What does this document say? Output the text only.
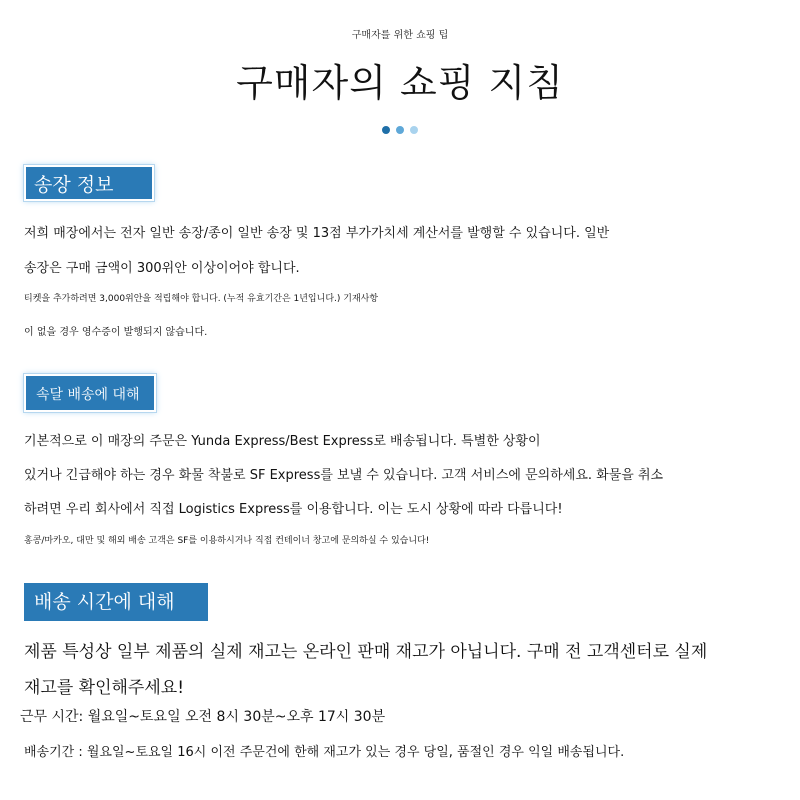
구매자를 위한 쇼핑 팁
구매자의 쇼핑 지침

송장 정보
저희 매장에서는 전자 일반 송장/종이 일반 송장 및 13점 부가가치세 계산서를 발행할 수 있습니다. 일반
송장은 구매 금액이 300위안 이상이어야 합니다.
티켓을 추가하려면 3,000위안을 적립해야 합니다. (누적 유효기간은 1년입니다.) 기재사항
이 없을 경우 영수증이 발행되지 않습니다.
속달 배송에 대해
기본적으로 이 매장의 주문은 Yunda Express/Best Express로 배송됩니다. 특별한 상황이
있거나 긴급해야 하는 경우 화물 착불로 SF Express를 보낼 수 있습니다. 고객 서비스에 문의하세요. 화물을 취소
하려면 우리 회사에서 직접 Logistics Express를 이용합니다. 이는 도시 상황에 따라 다릅니다!
홍콩/마카오, 대만 및 해외 배송 고객은 SF를 이용하시거나 직접 컨테이너 창고에 문의하실 수 있습니다!
배송 시간에 대해
제품 특성상 일부 제품의 실제 재고는 온라인 판매 재고가 아닙니다. 구매 전 고객센터로 실제
재고를 확인해주세요!
근무 시간: 월요일~토요일 오전 8시 30분~오후 17시 30분
배송기간 : 월요일~토요일 16시 이전 주문건에 한해 재고가 있는 경우 당일, 품절인 경우 익일 배송됩니다.
